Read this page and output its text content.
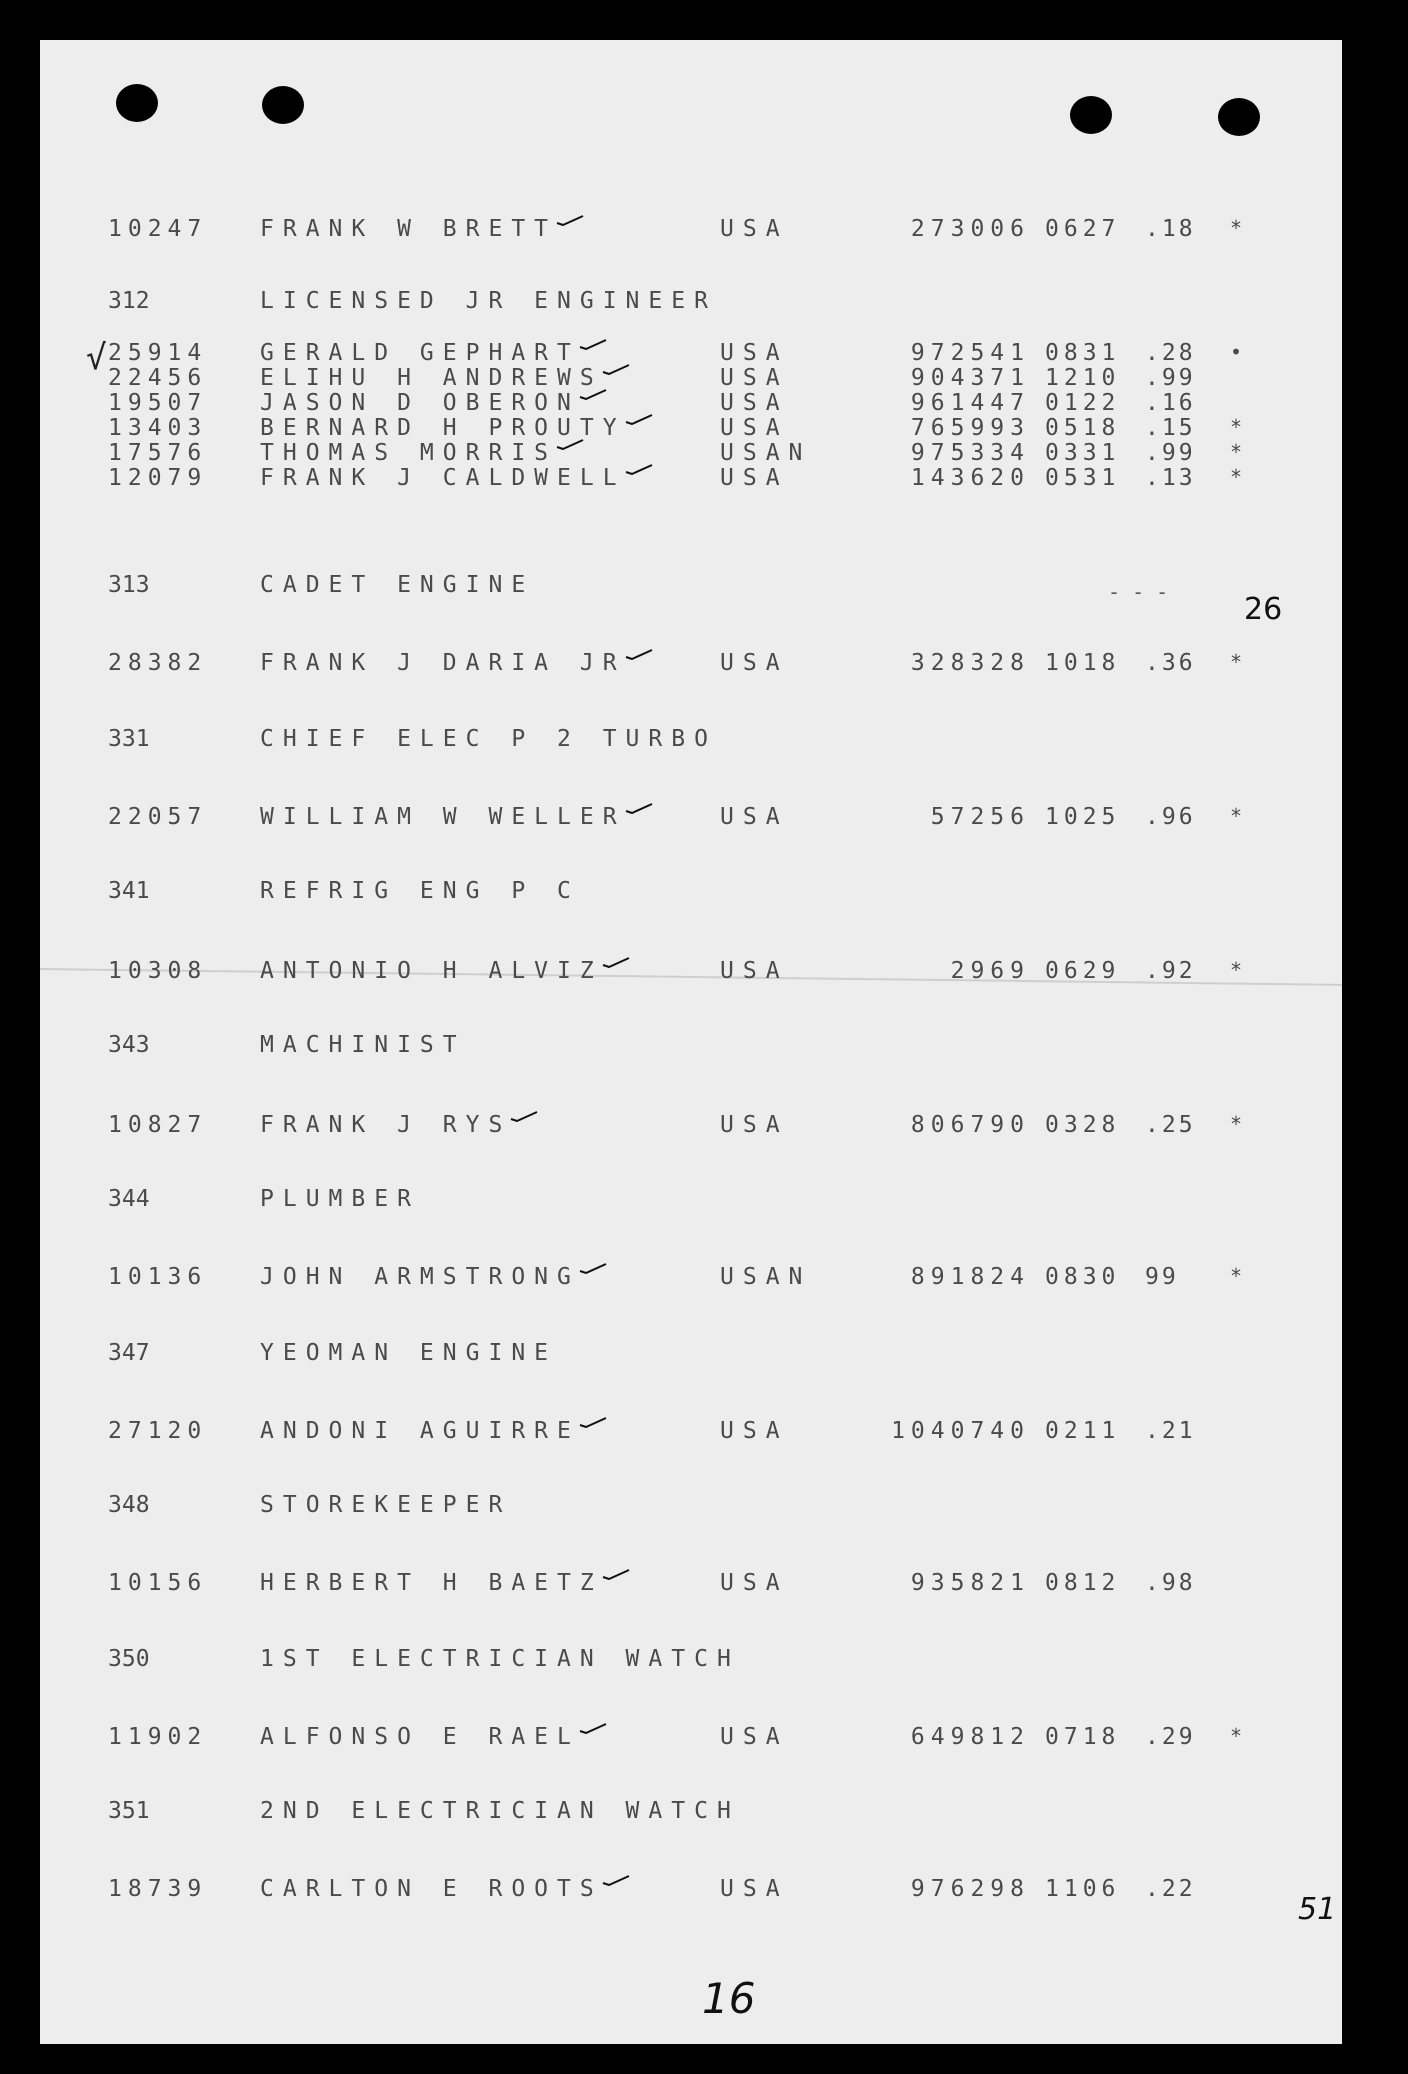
10247 FRANK W BRETT	USA	273006 0627 .18 *
312	LICENSED JR ENGINEER
25914 GERALD GEPHART	USA	972541 0831 .28 •
22456 ELIHU H ANDREWS	USA	904371 1210 .99
19507 JASON D OBERON	USA	961447 0122 .16
13403 BERNARD H PROUTY	USA	765993 0518 .15 *
17576 THOMAS MORRIS	USAN	975334 0331 .99 *
12079 FRANK J CALDWELL	USA	143620 0531 .13 *
313	CADET ENGINE
28382 FRANK J DARIA JR	USA	328328 1018 .36 *
331	CHIEF ELEC P 2 TURBO
22057 WILLIAM W WELLER	USA	57256 1025 .96 *
341	REFRIG ENG P C
10308 ANTONIO H ALVIZ	USA	2969 0629 .92 *
343	MACHINIST
10827 FRANK J RYS	USA	806790 0328 .25 *
344	PLUMBER
10136 JOHN ARMSTRONG	USAN	891824 0830 99	*
347	YEOMAN ENGINE
27120 ANDONI AGUIRRE	USA	1040740 0211 .21
348	STOREKEEPER
10156 HERBERT H BAETZ	USA	935821 0812 .98
350	1ST ELECTRICIAN WATCH
11902 ALFONSO E RAEL	USA	649812 0718 .29 *
351	2ND ELECTRICIAN WATCH
18739 CARLTON E ROOTS	USA	976298 1106 .22
√
- - -	26
51
16
